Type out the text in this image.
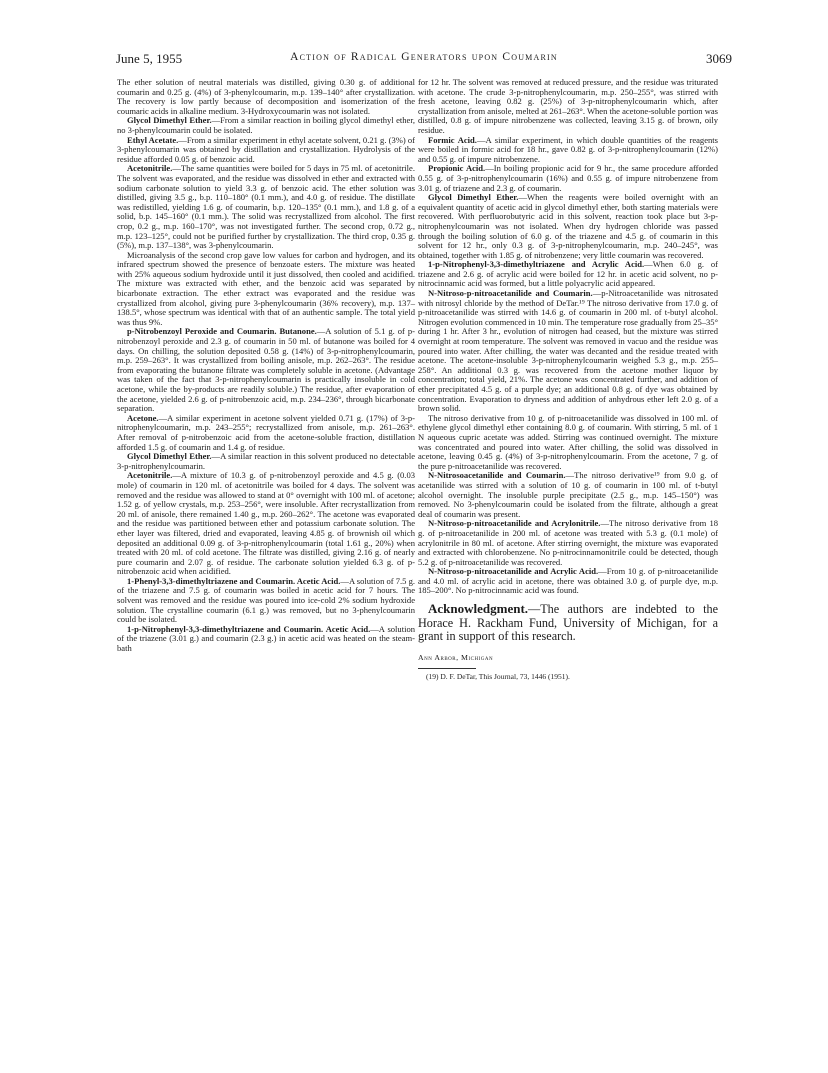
June 5, 1955	Action of Radical Generators upon Coumarin	3069

The ether solution of neutral materials was distilled, giving 0.30 g. of additional coumarin and 0.25 g. (4%) of 3-phenylcoumarin, m.p. 139–140° after crystallization. The recovery is low partly because of decomposition and isomerization of the coumaric acids in alkaline medium. 3-Hydroxycoumarin was not isolated.

Glycol Dimethyl Ether.—From a similar reaction in boiling glycol dimethyl ether, no 3-phenylcoumarin could be isolated.

Ethyl Acetate.—From a similar experiment in ethyl acetate solvent, 0.21 g. (3%) of 3-phenylcoumarin was obtained by distillation and crystallization. Hydrolysis of the residue afforded 0.05 g. of benzoic acid.

Acetonitrile.—The same quantities were boiled for 5 days in 75 ml. of acetonitrile. The solvent was evaporated, and the residue was dissolved in ether and extracted with sodium carbonate solution to yield 3.3 g. of benzoic acid. The ether solution was distilled, giving 3.5 g., b.p. 110–180° (0.1 mm.), and 4.0 g. of residue. The distillate was redistilled, yielding 1.6 g. of coumarin, b.p. 120–135° (0.1 mm.), and 1.8 g. of a solid, b.p. 145–160° (0.1 mm.). The solid was recrystallized from alcohol. The first crop, 0.2 g., m.p. 160–170°, was not investigated further. The second crop, 0.72 g., m.p. 123–125°, could not be purified further by crystallization. The third crop, 0.35 g. (5%), m.p. 137–138°, was 3-phenylcoumarin.

Microanalysis of the second crop gave low values for carbon and hydrogen, and its infrared spectrum showed the presence of benzoate esters. The mixture was heated with 25% aqueous sodium hydroxide until it just dissolved, then cooled and acidified. The mixture was extracted with ether, and the benzoic acid was separated by bicarbonate extraction. The ether extract was evaporated and the residue was crystallized from alcohol, giving pure 3-phenylcoumarin (36% recovery), m.p. 137–138.5°, whose spectrum was identical with that of an authentic sample. The total yield was thus 9%.

p-Nitrobenzoyl Peroxide and Coumarin. Butanone.—A solution of 5.1 g. of p-nitrobenzoyl peroxide and 2.3 g. of coumarin in 50 ml. of butanone was boiled for 4 days. On chilling, the solution deposited 0.58 g. (14%) of 3-p-nitrophenylcoumarin, m.p. 259–263°. It was crystallized from boiling anisole, m.p. 262–263°. The residue from evaporating the butanone filtrate was completely soluble in acetone. (Advantage was taken of the fact that 3-p-nitrophenylcoumarin is practically insoluble in cold acetone, while the by-products are readily soluble.) The residue, after evaporation of the acetone, yielded 2.6 g. of p-nitrobenzoic acid, m.p. 234–236°, through bicarbonate separation.

Acetone.—A similar experiment in acetone solvent yielded 0.71 g. (17%) of 3-p-nitrophenylcoumarin, m.p. 243–255°; recrystallized from anisole, m.p. 261–263°. After removal of p-nitrobenzoic acid from the acetone-soluble fraction, distillation afforded 1.5 g. of coumarin and 1.4 g. of residue.

Glycol Dimethyl Ether.—A similar reaction in this solvent produced no detectable 3-p-nitrophenylcoumarin.

Acetonitrile.—A mixture of 10.3 g. of p-nitrobenzoyl peroxide and 4.5 g. (0.03 mole) of coumarin in 120 ml. of acetonitrile was boiled for 4 days. The solvent was removed and the residue was allowed to stand at 0° overnight with 100 ml. of acetone; 1.52 g. of yellow crystals, m.p. 253–256°, were insoluble. After recrystallization from 20 ml. of anisole, there remained 1.40 g., m.p. 260–262°. The acetone was evaporated and the residue was partitioned between ether and potassium carbonate solution. The ether layer was filtered, dried and evaporated, leaving 4.85 g. of brownish oil which deposited an additional 0.09 g. of 3-p-nitrophenylcoumarin (total 1.61 g., 20%) when treated with 20 ml. of cold acetone. The filtrate was distilled, giving 2.16 g. of nearly pure coumarin and 2.07 g. of residue. The carbonate solution yielded 6.3 g. of p-nitrobenzoic acid when acidified.

1-Phenyl-3,3-dimethyltriazene and Coumarin. Acetic Acid.—A solution of 7.5 g. of the triazene and 7.5 g. of coumarin was boiled in acetic acid for 7 hours. The solvent was removed and the residue was poured into ice-cold 2% sodium hydroxide solution. The crystalline coumarin (6.1 g.) was removed, but no 3-phenylcoumarin could be isolated.

1-p-Nitrophenyl-3,3-dimethyltriazene and Coumarin. Acetic Acid.—A solution of the triazene (3.01 g.) and coumarin (2.3 g.) in acetic acid was heated on the steam-bath

for 12 hr. The solvent was removed at reduced pressure, and the residue was triturated with acetone. The crude 3-p-nitrophenylcoumarin, m.p. 250–255°, was stirred with fresh acetone, leaving 0.82 g. (25%) of 3-p-nitrophenylcoumarin which, after crystallization from anisole, melted at 261–263°. When the acetone-soluble portion was distilled, 0.8 g. of impure nitrobenzene was collected, leaving 3.15 g. of brown, oily residue.

Formic Acid.—A similar experiment, in which double quantities of the reagents were boiled in formic acid for 18 hr., gave 0.82 g. of 3-p-nitrophenylcoumarin (12%) and 0.55 g. of impure nitrobenzene.

Propionic Acid.—In boiling propionic acid for 9 hr., the same procedure afforded 0.55 g. of 3-p-nitrophenylcoumarin (16%) and 0.55 g. of impure nitrobenzene from 3.01 g. of triazene and 2.3 g. of coumarin.

Glycol Dimethyl Ether.—When the reagents were boiled overnight with an equivalent quantity of acetic acid in glycol dimethyl ether, both starting materials were recovered. With perfluorobutyric acid in this solvent, reaction took place but 3-p-nitrophenylcoumarin was not isolated. When dry hydrogen chloride was passed through the boiling solution of 6.0 g. of the triazene and 4.5 g. of coumarin in this solvent for 12 hr., only 0.3 g. of 3-p-nitrophenylcoumarin, m.p. 240–245°, was obtained, together with 1.85 g. of nitrobenzene; very little coumarin was recovered.

1-p-Nitrophenyl-3,3-dimethyltriazene and Acrylic Acid.—When 6.0 g. of triazene and 2.6 g. of acrylic acid were boiled for 12 hr. in acetic acid solvent, no p-nitrocinnamic acid was formed, but a little polyacrylic acid appeared.

N-Nitroso-p-nitroacetanilide and Coumarin.—p-Nitroacetanilide was nitrosated with nitrosyl chloride by the method of DeTar.¹⁹ The nitroso derivative from 17.0 g. of p-nitroacetanilide was stirred with 14.6 g. of coumarin in 200 ml. of t-butyl alcohol. Nitrogen evolution commenced in 10 min. The temperature rose gradually from 25–35° during 1 hr. After 3 hr., evolution of nitrogen had ceased, but the mixture was stirred overnight at room temperature. The solvent was removed in vacuo and the residue was poured into water. After chilling, the water was decanted and the residue treated with acetone. The acetone-insoluble 3-p-nitrophenylcoumarin weighed 5.3 g., m.p. 255–258°. An additional 0.3 g. was recovered from the acetone mother liquor by concentration; total yield, 21%. The acetone was concentrated further, and addition of ether precipitated 4.5 g. of a purple dye; an additional 0.8 g. of dye was obtained by concentration. Evaporation to dryness and addition of anhydrous ether left 2.0 g. of a brown solid.

The nitroso derivative from 10 g. of p-nitroacetanilide was dissolved in 100 ml. of ethylene glycol dimethyl ether containing 8.0 g. of coumarin. With stirring, 5 ml. of 1 N aqueous cupric acetate was added. Stirring was continued overnight. The mixture was concentrated and poured into water. After chilling, the solid was dissolved in acetone, leaving 0.45 g. (4%) of 3-p-nitrophenylcoumarin. From the acetone, 7 g. of the pure p-nitroacetanilide was recovered.

N-Nitrosoacetanilide and Coumarin.—The nitroso derivative¹⁹ from 9.0 g. of acetanilide was stirred with a solution of 10 g. of coumarin in 100 ml. of t-butyl alcohol overnight. The insoluble purple precipitate (2.5 g., m.p. 145–150°) was removed. No 3-phenylcoumarin could be isolated from the filtrate, although a great deal of coumarin was present.

N-Nitroso-p-nitroacetanilide and Acrylonitrile.—The nitroso derivative from 18 g. of p-nitroacetanilide in 200 ml. of acetone was treated with 5.3 g. (0.1 mole) of acrylonitrile in 80 ml. of acetone. After stirring overnight, the mixture was evaporated and extracted with chlorobenzene. No p-nitrocinnamonitrile could be detected, though 5.2 g. of p-nitroacetanilide was recovered.

N-Nitroso-p-nitroacetanilide and Acrylic Acid.—From 10 g. of p-nitroacetanilide and 4.0 ml. of acrylic acid in acetone, there was obtained 3.0 g. of purple dye, m.p. 185–200°. No p-nitrocinnamic acid was found.

Acknowledgment.—The authors are indebted to the Horace H. Rackham Fund, University of Michigan, for a grant in support of this research.

Ann Arbor, Michigan

(19) D. F. DeTar, This Journal, 73, 1446 (1951).
